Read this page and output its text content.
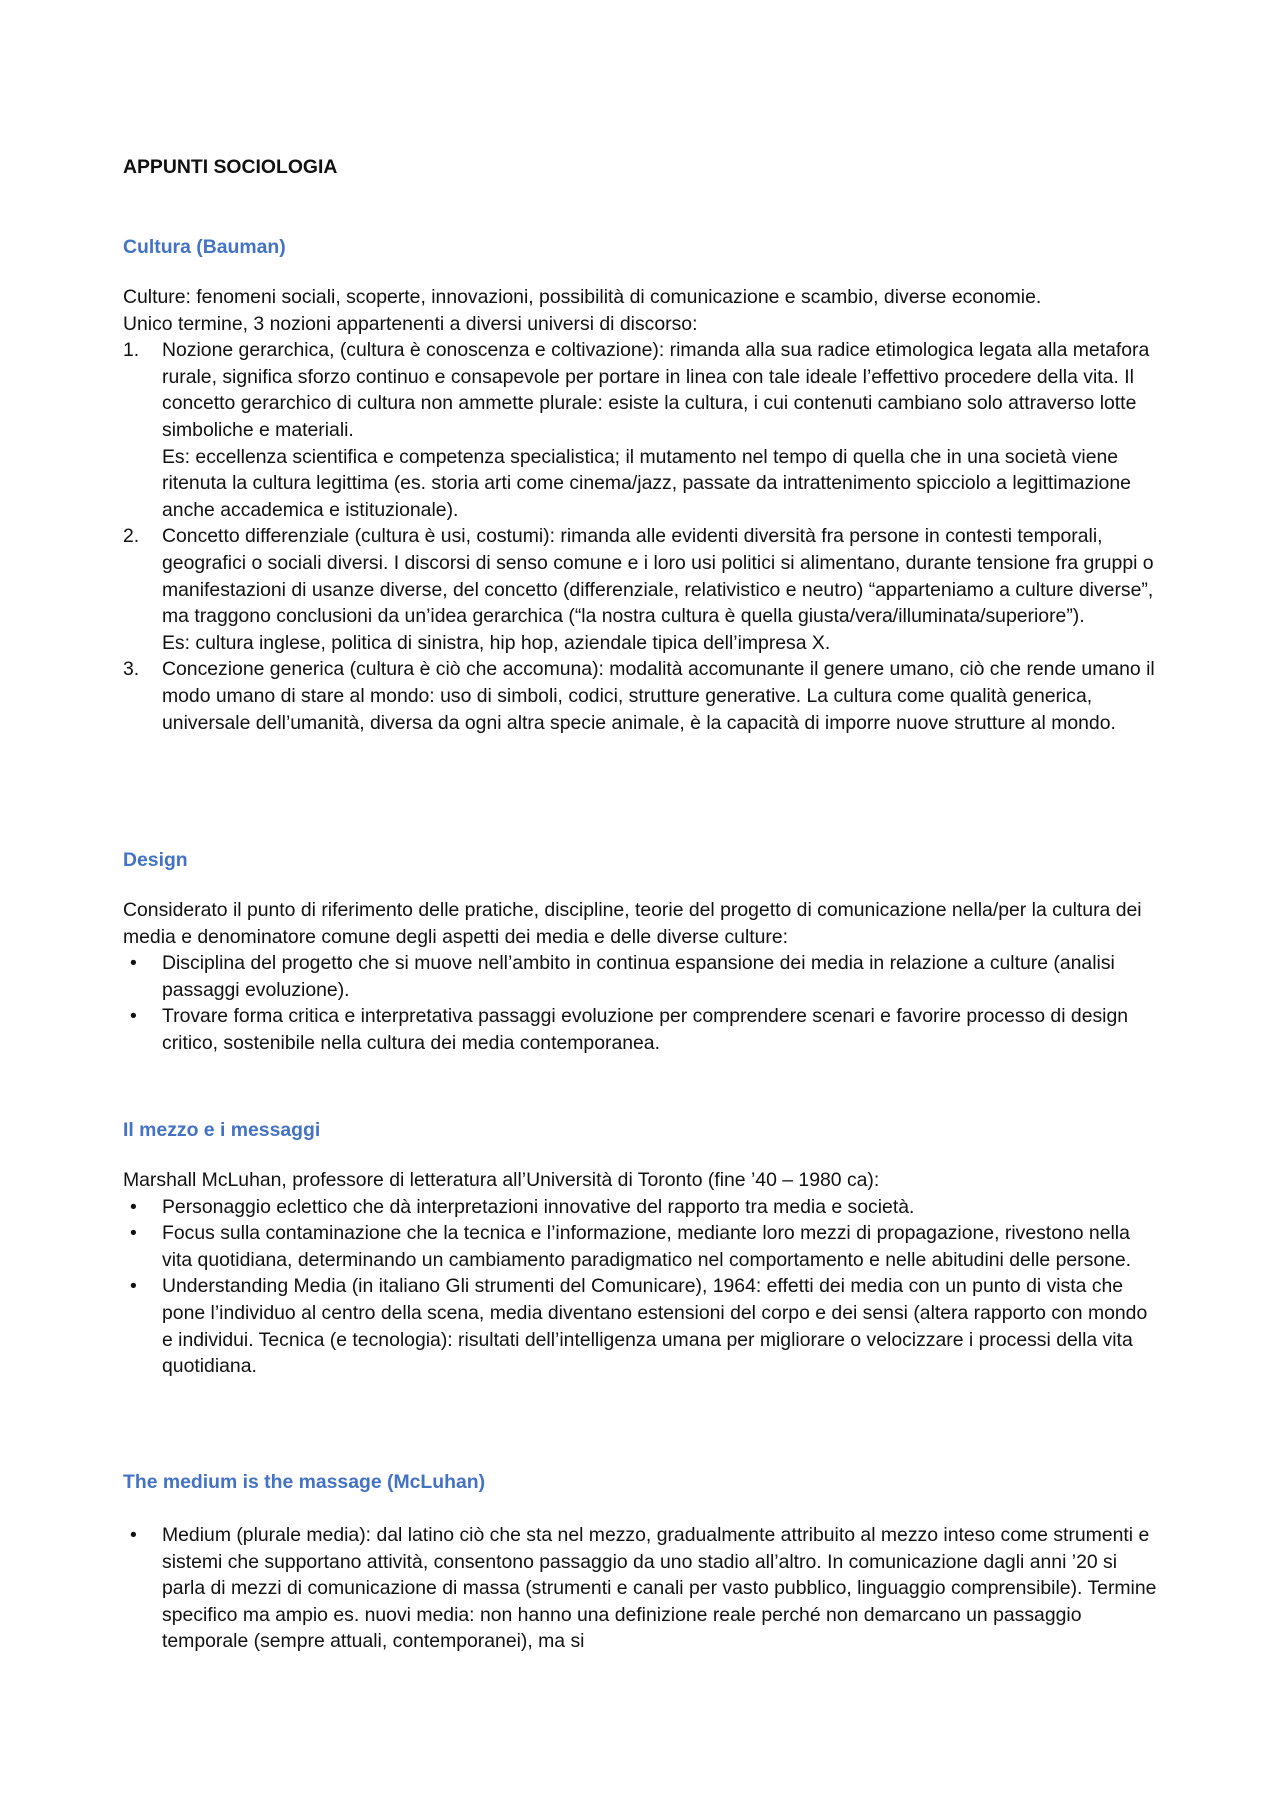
APPUNTI SOCIOLOGIA
Cultura (Bauman)

Culture: fenomeni sociali, scoperte, innovazioni, possibilità di comunicazione e scambio, diverse economie.

Unico termine, 3 nozioni appartenenti a diversi universi di discorso:

1. Nozione gerarchica, (cultura è conoscenza e coltivazione): rimanda alla sua radice etimologica legata alla metafora rurale, significa sforzo continuo e consapevole per portare in linea con tale ideale l’effettivo procedere della vita. Il concetto gerarchico di cultura non ammette plurale: esiste la cultura, i cui contenuti cambiano solo attraverso lotte simboliche e materiali.
Es: eccellenza scientifica e competenza specialistica; il mutamento nel tempo di quella che in una società viene ritenuta la cultura legittima (es. storia arti come cinema/jazz, passate da intrattenimento spicciolo a legittimazione anche accademica e istituzionale).
2. Concetto differenziale (cultura è usi, costumi): rimanda alle evidenti diversità fra persone in contesti temporali, geografici o sociali diversi. I discorsi di senso comune e i loro usi politici si alimentano, durante tensione fra gruppi o manifestazioni di usanze diverse, del concetto (differenziale, relativistico e neutro) “apparteniamo a culture diverse”, ma traggono conclusioni da un’idea gerarchica (“la nostra cultura è quella giusta/vera/illuminata/superiore”).
Es: cultura inglese, politica di sinistra, hip hop, aziendale tipica dell’impresa X.
3. Concezione generica (cultura è ciò che accomuna): modalità accomunante il genere umano, ciò che rende umano il modo umano di stare al mondo: uso di simboli, codici, strutture generative. La cultura come qualità generica, universale dell’umanità, diversa da ogni altra specie animale, è la capacità di imporre nuove strutture al mondo.
Design

Considerato il punto di riferimento delle pratiche, discipline, teorie del progetto di comunicazione nella/per la cultura dei media e denominatore comune degli aspetti dei media e delle diverse culture:

• Disciplina del progetto che si muove nell’ambito in continua espansione dei media in relazione a culture (analisi passaggi evoluzione).
• Trovare forma critica e interpretativa passaggi evoluzione per comprendere scenari e favorire processo di design critico, sostenibile nella cultura dei media contemporanea.
Il mezzo e i messaggi

Marshall McLuhan, professore di letteratura all’Università di Toronto (fine ’40 – 1980 ca):

• Personaggio eclettico che dà interpretazioni innovative del rapporto tra media e società.
• Focus sulla contaminazione che la tecnica e l’informazione, mediante loro mezzi di propagazione, rivestono nella vita quotidiana, determinando un cambiamento paradigmatico nel comportamento e nelle abitudini delle persone.
• Understanding Media (in italiano Gli strumenti del Comunicare), 1964: effetti dei media con un punto di vista che pone l’individuo al centro della scena, media diventano estensioni del corpo e dei sensi (altera rapporto con mondo e individui. Tecnica (e tecnologia): risultati dell’intelligenza umana per migliorare o velocizzare i processi della vita quotidiana.
The medium is the massage (McLuhan)
• Medium (plurale media): dal latino ciò che sta nel mezzo, gradualmente attribuito al mezzo inteso come strumenti e sistemi che supportano attività, consentono passaggio da uno stadio all’altro. In comunicazione dagli anni ’20 si parla di mezzi di comunicazione di massa (strumenti e canali per vasto pubblico, linguaggio comprensibile). Termine specifico ma ampio es. nuovi media: non hanno una definizione reale perché non demarcano un passaggio temporale (sempre attuali, contemporanei), ma si
